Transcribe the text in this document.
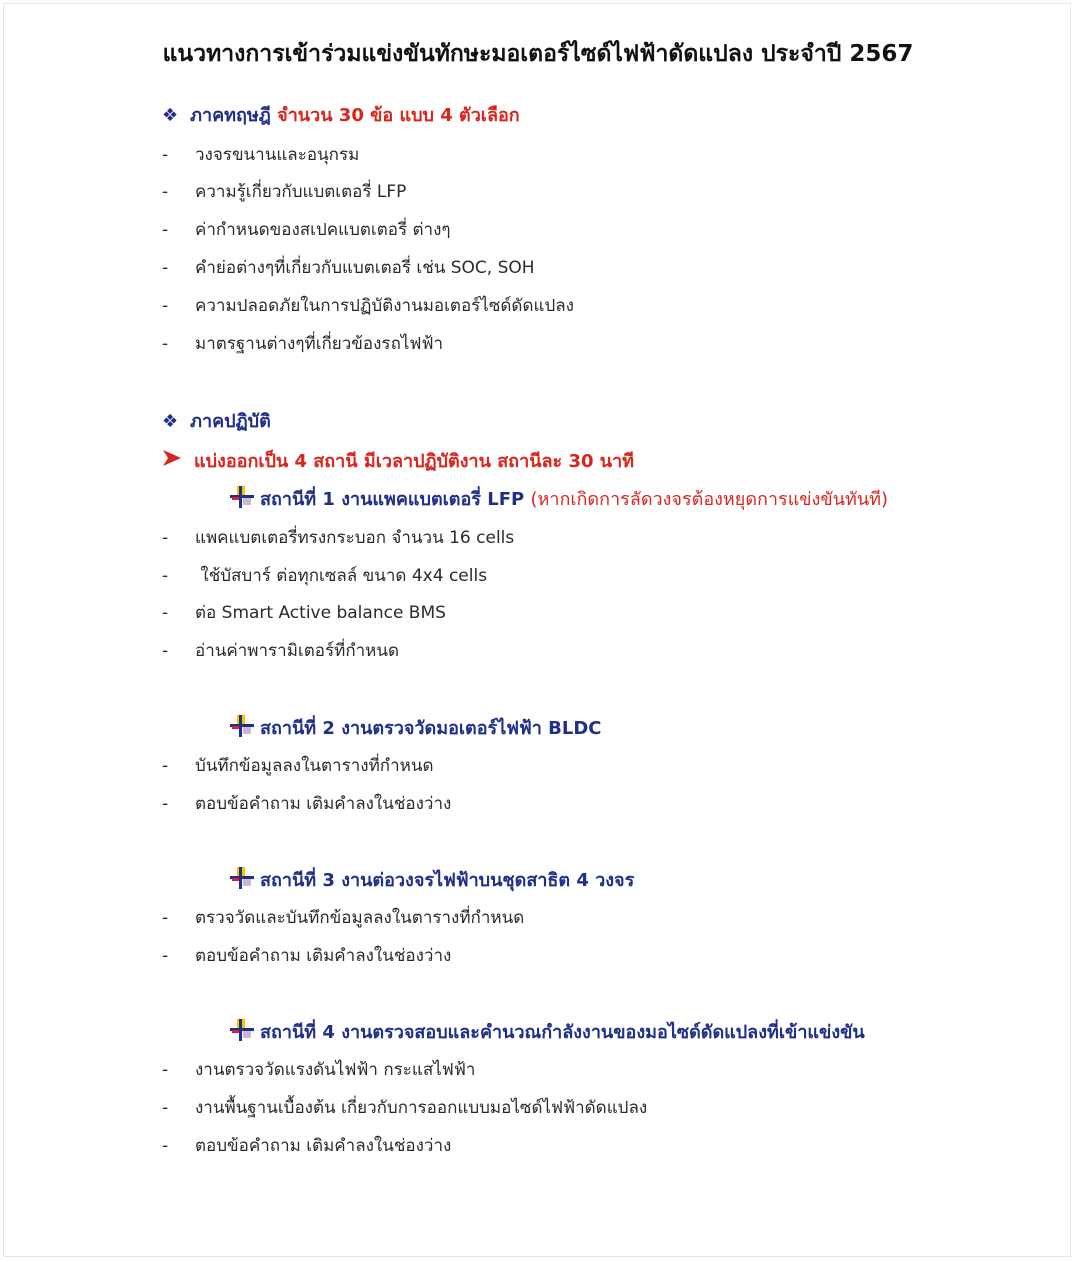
แนวทางการเข้าร่วมแข่งขันทักษะมอเตอร์ไซด์ไฟฟ้าดัดแปลง ประจำปี 2567
❖ ภาคทฤษฎี จำนวน 30 ข้อ แบบ 4 ตัวเลือก
- วงจรขนานและอนุกรม
- ความรู้เกี่ยวกับแบตเตอรี่ LFP
- ค่ากำหนดของสเปคแบตเตอรี่ ต่างๆ
- คำย่อต่างๆที่เกี่ยวกับแบตเตอรี่ เช่น SOC, SOH
- ความปลอดภัยในการปฏิบัติงานมอเตอร์ไซด์ดัดแปลง
- มาตรฐานต่างๆที่เกี่ยวข้องรถไฟฟ้า
❖ ภาคปฏิบัติ
แบ่งออกเป็น 4 สถานี มีเวลาปฏิบัติงาน สถานีละ 30 นาที
สถานีที่ 1 งานแพคแบตเตอรี่ LFP (หากเกิดการลัดวงจรต้องหยุดการแข่งขันทันที)
- แพคแบตเตอรี่ทรงกระบอก จำนวน 16 cells
- ใช้บัสบาร์ ต่อทุกเซลล์ ขนาด 4x4 cells
- ต่อ Smart Active balance BMS
- อ่านค่าพารามิเตอร์ที่กำหนด
สถานีที่ 2 งานตรวจวัดมอเตอร์ไฟฟ้า BLDC
- บันทึกข้อมูลลงในตารางที่กำหนด
- ตอบข้อคำถาม เติมคำลงในช่องว่าง
สถานีที่ 3 งานต่อวงจรไฟฟ้าบนชุดสาธิต 4 วงจร
- ตรวจวัดและบันทึกข้อมูลลงในตารางที่กำหนด
- ตอบข้อคำถาม เติมคำลงในช่องว่าง
สถานีที่ 4 งานตรวจสอบและคำนวณกำลังงานของมอไซด์ดัดแปลงที่เข้าแข่งขัน
- งานตรวจวัดแรงดันไฟฟ้า กระแสไฟฟ้า
- งานพื้นฐานเบื้องต้น เกี่ยวกับการออกแบบมอไซด์ไฟฟ้าดัดแปลง
- ตอบข้อคำถาม เติมคำลงในช่องว่าง
